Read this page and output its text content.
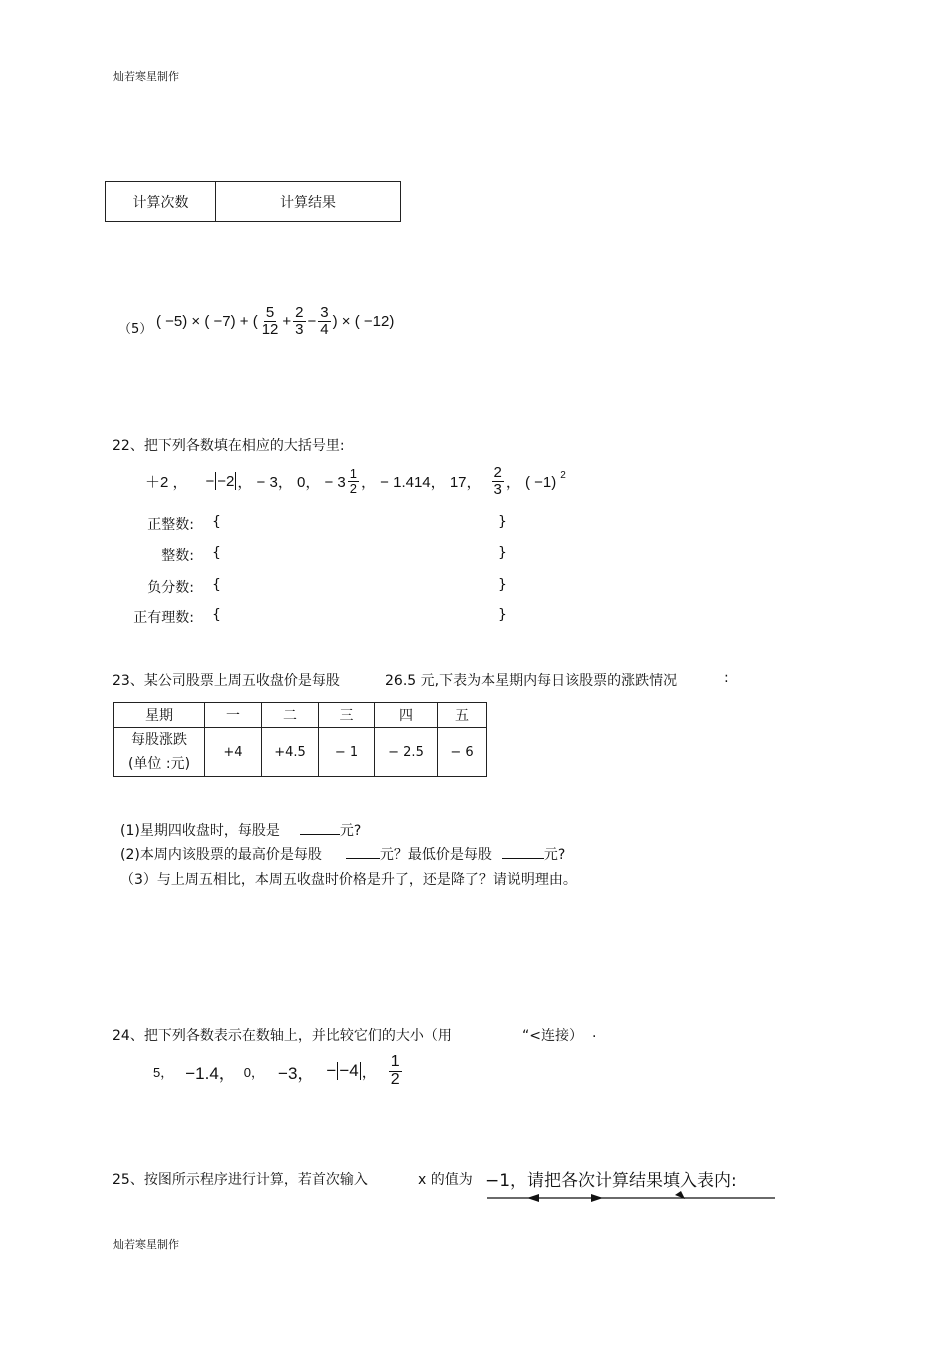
灿若寒星制作
计算次数	计算结果
（5） ( −5) × ( −7) + ( $\frac{5}{12} + \frac{2}{3} - \frac{3}{4}$ ) × ( −12)
22、把下列各数填在相应的大括号里:
＋2 ， − −2 ， − 3， 0， − $3 \frac{1}{2}$ ， − 1.414， 17， $\frac{2}{3}$ ， ( −1) $^2$
正整数: {	}
整数: {	}
负分数: {	}
正有理数: {	}
23、某公司股票上周五收盘价是每股	26.5 元,下表为本星期内每日该股票的涨跌情况	:
星期	一	二	三	四	五

每股涨跌
(单位 :元)	+4	+4.5	− 1	− 2.5	− 6
(1)星期四收盘时，每股是	元?
(2)本周内该股票的最高价是每股	元？最低价是每股	元?
（3）与上周五相比，本周五收盘时价格是升了，还是降了？请说明理由。
24、把下列各数表示在数轴上，并比较它们的大小（用	“<连接） .
5， −1.4， 0， −3， − −4 ， $\frac{1}{2}$
25、按图所示程序进行计算，若首次输入	x 的值为 −1，请把各次计算结果填入表内:
灿若寒星制作
